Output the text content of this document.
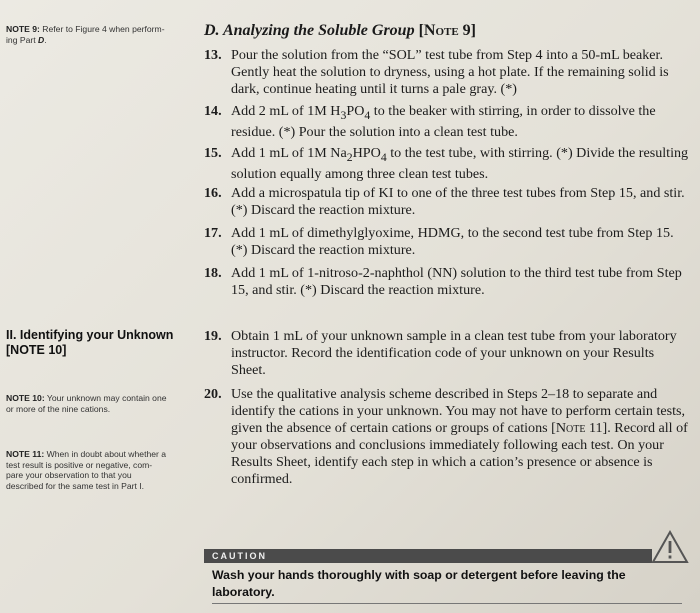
NOTE 9: Refer to Figure 4 when perform-
ing Part D.
II. Identifying your Unknown
[NOTE 10]
NOTE 10: Your unknown may contain one
or more of the nine cations.
NOTE 11: When in doubt about whether a
test result is positive or negative, com-
pare your observation to that you
described for the same test in Part I.
D. Analyzing the Soluble Group [Note 9]
13. Pour the solution from the “SOL” test tube from Step 4 into a 50-mL beaker. Gently heat the solution to dryness, using a hot plate. If the remaining solid is dark, continue heating until it turns a pale gray. (*)
14. Add 2 mL of 1M $H_3PO_4$ to the beaker with stirring, in order to dissolve the residue. (*) Pour the solution into a clean test tube.
15. Add 1 mL of 1M $Na_2HPO_4$ to the test tube, with stirring. (*) Divide the resulting solution equally among three clean test tubes.
16. Add a microspatula tip of KI to one of the three test tubes from Step 15, and stir. (*) Discard the reaction mixture.
17. Add 1 mL of dimethylglyoxime, HDMG, to the second test tube from Step 15. (*) Discard the reaction mixture.
18. Add 1 mL of 1-nitroso-2-naphthol (NN) solution to the third test tube from Step 15, and stir. (*) Discard the reaction mixture.
19. Obtain 1 mL of your unknown sample in a clean test tube from your laboratory instructor. Record the identification code of your unknown on your Results Sheet.
20. Use the qualitative analysis scheme described in Steps 2–18 to separate and identify the cations in your unknown. You may not have to perform certain tests, given the absence of certain cations or groups of cations [Note 11]. Record all of your observations and conclusions immediately following each test. On your Results Sheet, identify each step in which a cation’s presence or absence is confirmed.
CAUTION
Wash your hands thoroughly with soap or detergent before leaving the laboratory.
